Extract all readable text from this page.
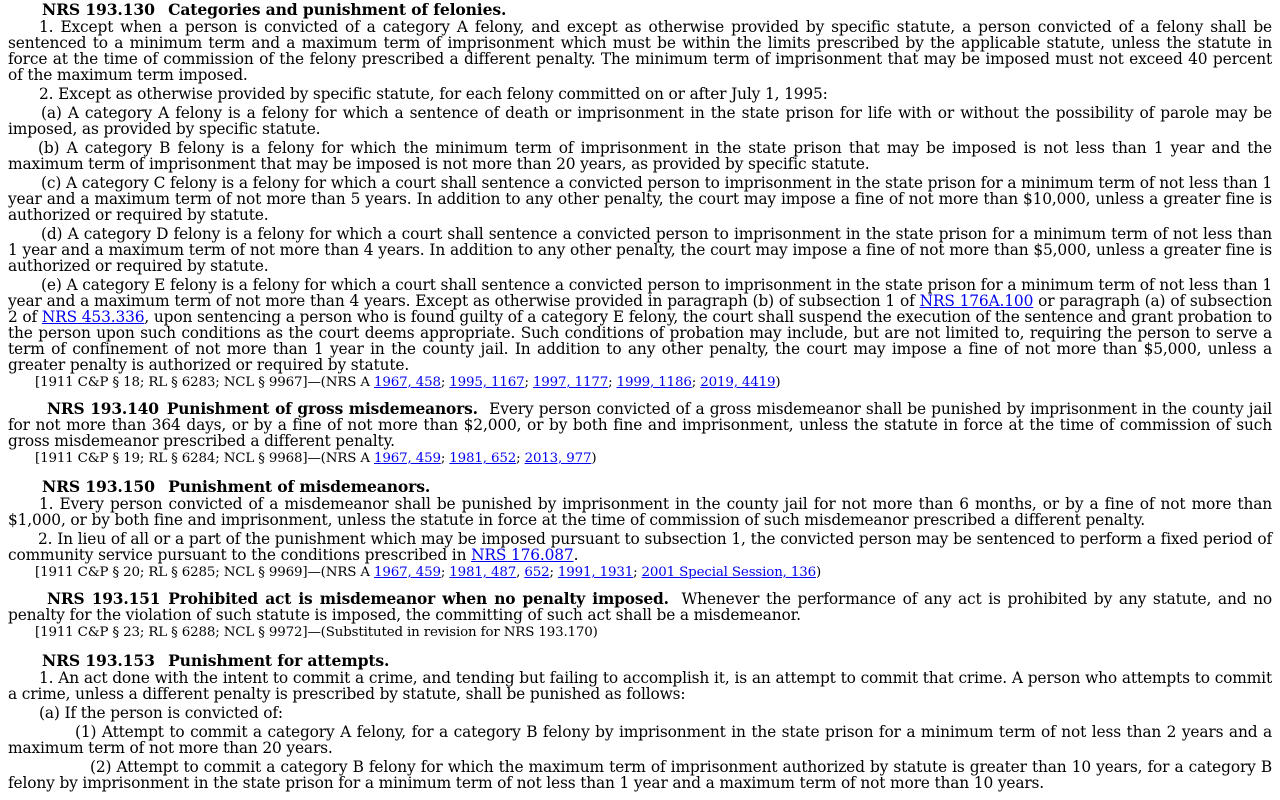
NRS 193.130 Categories and punishment of felonies.

1. Except when a person is convicted of a category A felony, and except as otherwise provided by specific statute, a person convicted of a felony shall be sentenced to a minimum term and a maximum term of imprisonment which must be within the limits prescribed by the applicable statute, unless the statute in force at the time of commission of the felony prescribed a different penalty. The minimum term of imprisonment that may be imposed must not exceed 40 percent of the maximum term imposed.

2. Except as otherwise provided by specific statute, for each felony committed on or after July 1, 1995:

(a) A category A felony is a felony for which a sentence of death or imprisonment in the state prison for life with or without the possibility of parole may be imposed, as provided by specific statute.

(b) A category B felony is a felony for which the minimum term of imprisonment in the state prison that may be imposed is not less than 1 year and the maximum term of imprisonment that may be imposed is not more than 20 years, as provided by specific statute.

(c) A category C felony is a felony for which a court shall sentence a convicted person to imprisonment in the state prison for a minimum term of not less than 1 year and a maximum term of not more than 5 years. In addition to any other penalty, the court may impose a fine of not more than $10,000, unless a greater fine is authorized or required by statute.

(d) A category D felony is a felony for which a court shall sentence a convicted person to imprisonment in the state prison for a minimum term of not less than 1 year and a maximum term of not more than 4 years. In addition to any other penalty, the court may impose a fine of not more than $5,000, unless a greater fine is authorized or required by statute.

(e) A category E felony is a felony for which a court shall sentence a convicted person to imprisonment in the state prison for a minimum term of not less than 1 year and a maximum term of not more than 4 years. Except as otherwise provided in paragraph (b) of subsection 1 of NRS 176A.100 or paragraph (a) of subsection 2 of NRS 453.336, upon sentencing a person who is found guilty of a category E felony, the court shall suspend the execution of the sentence and grant probation to the person upon such conditions as the court deems appropriate. Such conditions of probation may include, but are not limited to, requiring the person to serve a term of confinement of not more than 1 year in the county jail. In addition to any other penalty, the court may impose a fine of not more than $5,000, unless a greater penalty is authorized or required by statute.

[1911 C&P § 18; RL § 6283; NCL § 9967]—(NRS A 1967, 458; 1995, 1167; 1997, 1177; 1999, 1186; 2019, 4419)

NRS 193.140 Punishment of gross misdemeanors. Every person convicted of a gross misdemeanor shall be punished by imprisonment in the county jail for not more than 364 days, or by a fine of not more than $2,000, or by both fine and imprisonment, unless the statute in force at the time of commission of such gross misdemeanor prescribed a different penalty.

[1911 C&P § 19; RL § 6284; NCL § 9968]—(NRS A 1967, 459; 1981, 652; 2013, 977)
NRS 193.150 Punishment of misdemeanors.

1. Every person convicted of a misdemeanor shall be punished by imprisonment in the county jail for not more than 6 months, or by a fine of not more than $1,000, or by both fine and imprisonment, unless the statute in force at the time of commission of such misdemeanor prescribed a different penalty.

2. In lieu of all or a part of the punishment which may be imposed pursuant to subsection 1, the convicted person may be sentenced to perform a fixed period of community service pursuant to the conditions prescribed in NRS 176.087.

[1911 C&P § 20; RL § 6285; NCL § 9969]—(NRS A 1967, 459; 1981, 487, 652; 1991, 1931; 2001 Special Session, 136)

NRS 193.151 Prohibited act is misdemeanor when no penalty imposed. Whenever the performance of any act is prohibited by any statute, and no penalty for the violation of such statute is imposed, the committing of such act shall be a misdemeanor.

[1911 C&P § 23; RL § 6288; NCL § 9972]—(Substituted in revision for NRS 193.170)
NRS 193.153 Punishment for attempts.

1. An act done with the intent to commit a crime, and tending but failing to accomplish it, is an attempt to commit that crime. A person who attempts to commit a crime, unless a different penalty is prescribed by statute, shall be punished as follows:

(a) If the person is convicted of:

(1) Attempt to commit a category A felony, for a category B felony by imprisonment in the state prison for a minimum term of not less than 2 years and a maximum term of not more than 20 years.

(2) Attempt to commit a category B felony for which the maximum term of imprisonment authorized by statute is greater than 10 years, for a category B felony by imprisonment in the state prison for a minimum term of not less than 1 year and a maximum term of not more than 10 years.
